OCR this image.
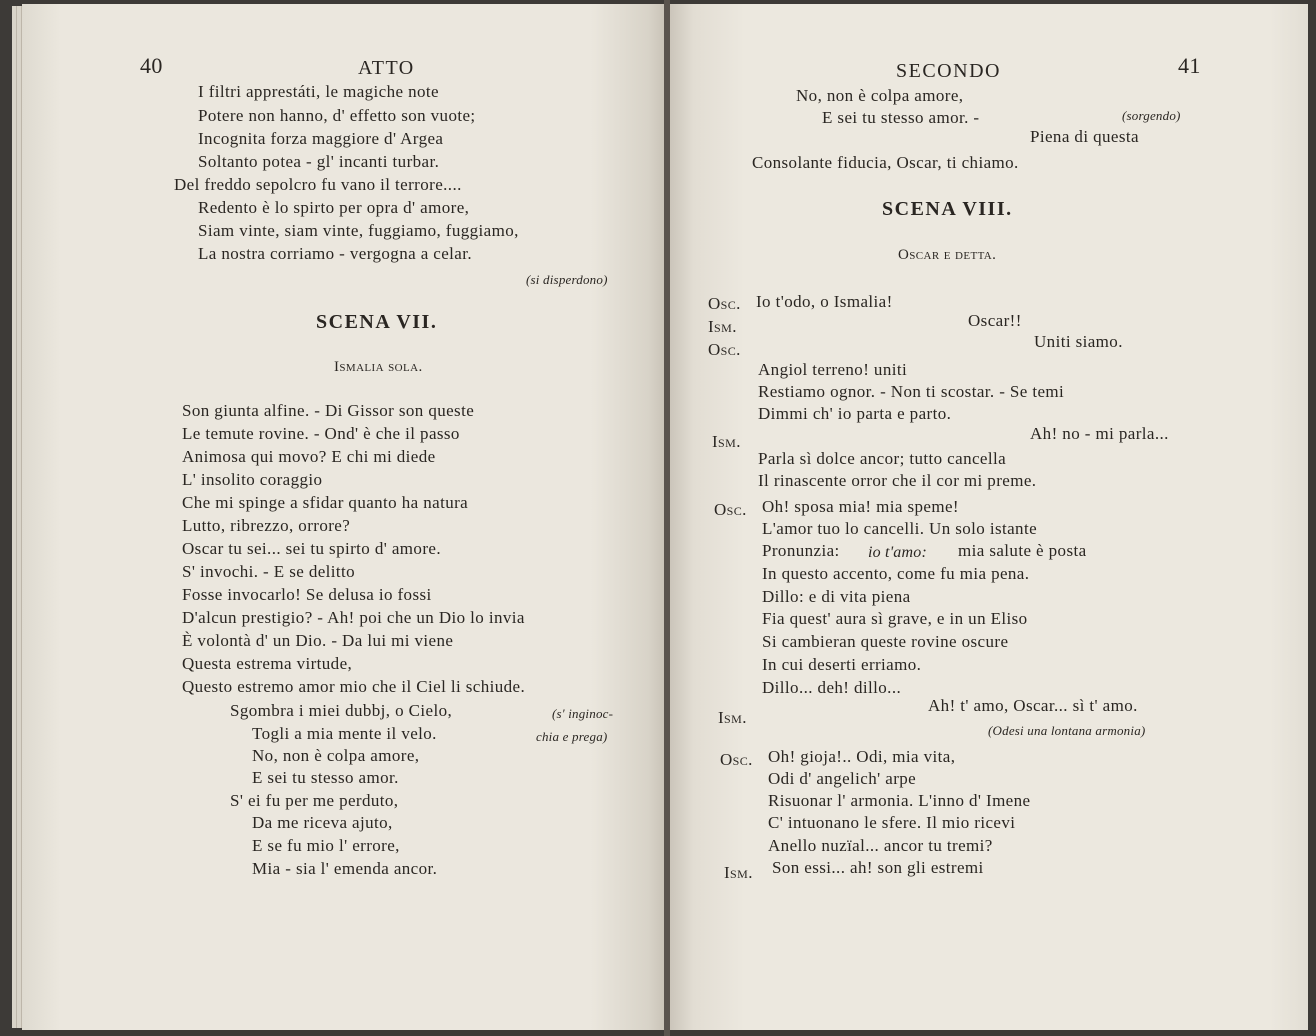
40	ATTO
I filtri apprestáti, le magiche note
Potere non hanno, d' effetto son vuote;
Incognita forza maggiore d' Argea
Soltanto potea - gl' incanti turbar.
Del freddo sepolcro fu vano il terrore....
Redento è lo spirto per opra d' amore,
Siam vinte, siam vinte, fuggiamo, fuggiamo,
La nostra corriamo - vergogna a celar.
(si disperdono)
SCENA VII.
Ismalia sola.
Son giunta alfine. - Di Gissor son queste
Le temute rovine. - Ond' è che il passo
Animosa qui movo? E chi mi diede
L' insolito coraggio
Che mi spinge a sfidar quanto ha natura
Lutto, ribrezzo, orrore?
Oscar tu sei... sei tu spirto d' amore.
S' invochi. - E se delitto
Fosse invocarlo! Se delusa io fossi
D'alcun prestigio? - Ah! poi che un Dio lo invia
È volontà d' un Dio. - Da lui mi viene
Questa estrema virtude,
Questo estremo amor mio che il Ciel li schiude.
Sgombra i miei dubbj, o Cielo,	(s' inginoc-
Togli a mia mente il velo.	chia e prega)
No, non è colpa amore,
E sei tu stesso amor.
S' ei fu per me perduto,
Da me riceva ajuto,
E se fu mio l' errore,
Mia - sia l' emenda ancor.
SECONDO	41
No, non è colpa amore,
E sei tu stesso amor. -	(sorgendo)
Piena di questa
Consolante fiducia, Oscar, ti chiamo.
SCENA VIII.
Oscar e detta.
Osc. Io t'odo, o Ismalia!
Ism.	Oscar!!
Osc.	Uniti siamo.
Angiol terreno! uniti
Restiamo ognor. - Non ti scostar. - Se temi
Dimmi ch' io parta e parto.
Ism.	Ah! no - mi parla...
Parla sì dolce ancor; tutto cancella
Il rinascente orror che il cor mi preme.
Osc. Oh! sposa mia! mia speme!
L'amor tuo lo cancelli. Un solo istante
Pronunzia: io t'amo: mia salute è posta
In questo accento, come fu mia pena.
Dillo: e di vita piena
Fia quest' aura sì grave, e in un Eliso
Si cambieran queste rovine oscure
In cui deserti erriamo.
Dillo... deh! dillo...
Ism.
Ah! t' amo, Oscar... sì t' amo.
(Odesi una lontana armonia)
Osc. Oh! gioja!.. Odi, mia vita,
Odi d' angelich' arpe
Risuonar l' armonia. L'inno d' Imene
C' intuonano le sfere. Il mio ricevi
Anello nuzïal... ancor tu tremi?
Ism. Son essi... ah! son gli estremi
